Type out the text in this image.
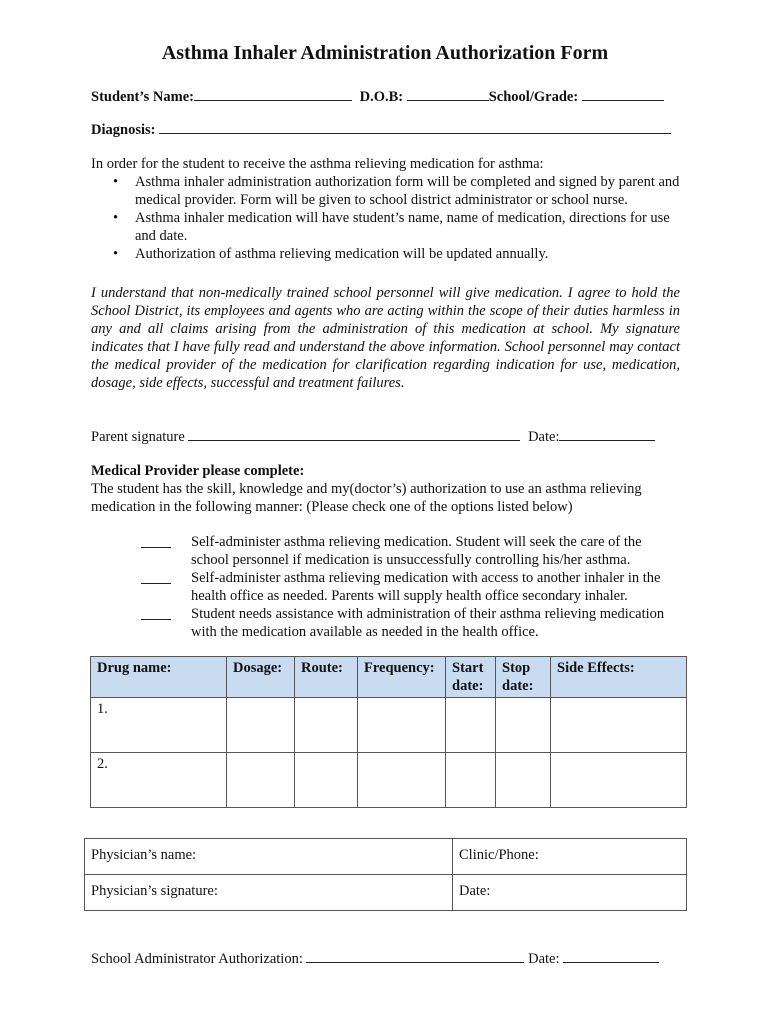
Asthma Inhaler Administration Authorization Form
Student’s Name:	D.O.B:	School/Grade:
Diagnosis:
In order for the student to receive the asthma relieving medication for asthma:
• Asthma inhaler administration authorization form will be completed and signed by parent and medical provider. Form will be given to school district administrator or school nurse.
• Asthma inhaler medication will have student’s name, name of medication, directions for use and date.
• Authorization of asthma relieving medication will be updated annually.
I understand that non-medically trained school personnel will give medication. I agree to hold the School District, its employees and agents who are acting within the scope of their duties harmless in any and all claims arising from the administration of this medication at school. My signature indicates that I have fully read and understand the above information. School personnel may contact the medical provider of the medication for clarification regarding indication for use, medication, dosage, side effects, successful and treatment failures.
Parent signature	Date:
Medical Provider please complete:
The student has the skill, knowledge and my(doctor’s) authorization to use an asthma relieving medication in the following manner: (Please check one of the options listed below)
Self-administer asthma relieving medication. Student will seek the care of the school personnel if medication is unsuccessfully controlling his/her asthma.
Self-administer asthma relieving medication with access to another inhaler in the health office as needed. Parents will supply health office secondary inhaler.
Student needs assistance with administration of their asthma relieving medication with the medication available as needed in the health office.
Drug name:	Dosage:	Route:	Frequency:	Start date:	Stop date:	Side Effects:
1.						
2.						
Physician’s name:	Clinic/Phone:
Physician’s signature:	Date:
School Administrator Authorization:	Date:
